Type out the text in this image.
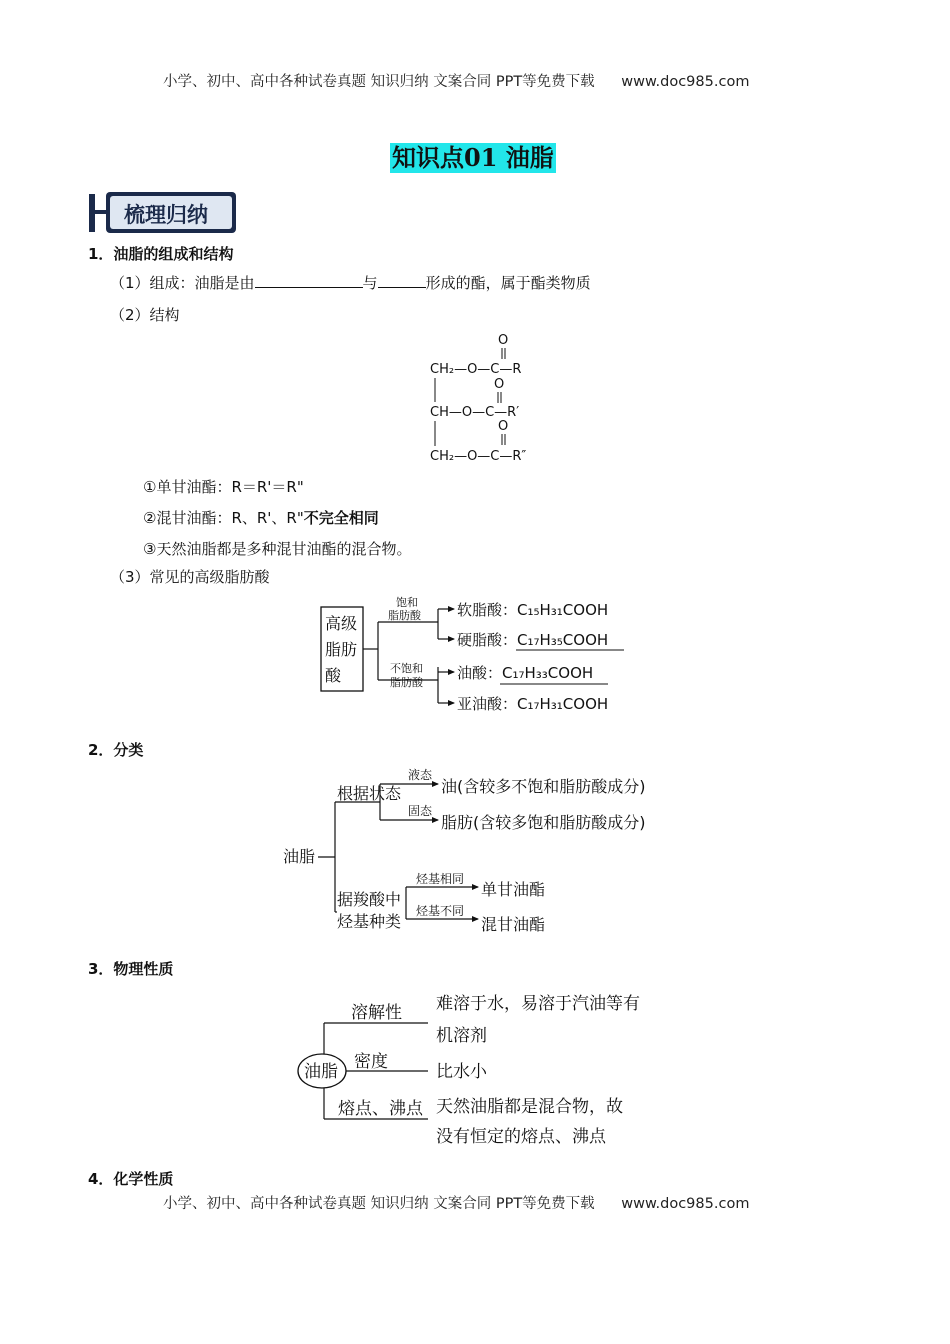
小学、初中、高中各种试卷真题 知识归纳 文案合同 PPT等免费下载 www.doc985.com
知识点01 油脂
梳理归纳
1．油脂的组成和结构
（1）组成：油脂是由	与	形成的酯，属于酯类物质
（2）结构
O
CH₂—O—C—R
O
CH—O—C—R′
O
CH₂—O—C—R″
①单甘油酯：R＝R'＝R"
②混甘油酯：R、R'、R"不完全相同
③天然油脂都是多种混甘油酯的混合物。
（3）常见的高级脂肪酸
高级
脂肪
酸
饱和
脂肪酸
不饱和
脂肪酸
软脂酸：C₁₅H₃₁COOH
硬脂酸：C₁₇H₃₅COOH
油酸：C₁₇H₃₃COOH
亚油酸：C₁₇H₃₁COOH
2．分类
油脂
根据状态
液态
油(含较多不饱和脂肪酸成分)
固态
脂肪(含较多饱和脂肪酸成分)
据羧酸中
烃基种类
烃基相同
单甘油酯
烃基不同
混甘油酯
3．物理性质
油脂
溶解性 难溶于水，易溶于汽油等有
机溶剂
密度	比水小
熔点、沸点 天然油脂都是混合物，故
没有恒定的熔点、沸点
4．化学性质
小学、初中、高中各种试卷真题 知识归纳 文案合同 PPT等免费下载 www.doc985.com
